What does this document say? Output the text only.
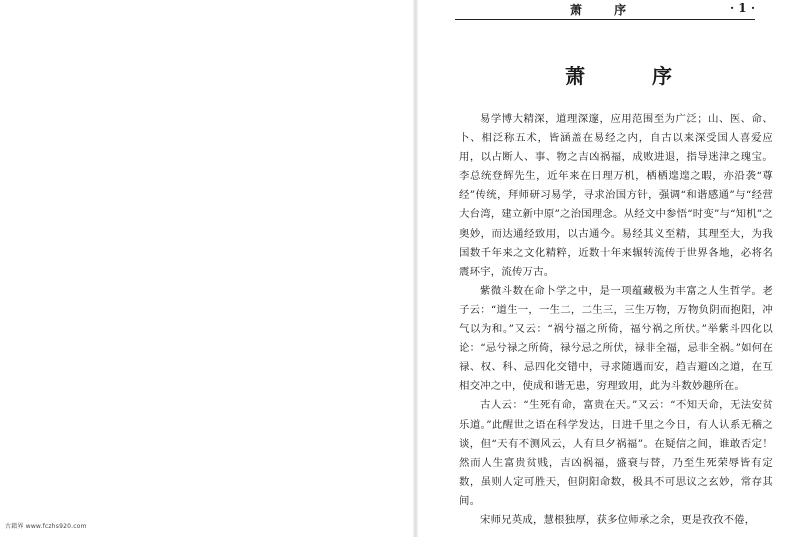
古籍界 www.fczhs920.com
萧 序	· 1 ·
萧 序

易学博大精深，道理深邃，应用范围至为广泛；山、医、命、卜、相泛称五术，皆涵盖在易经之内，自古以来深受国人喜爱应用，以占断人、事、物之吉凶祸福，成败进退，指导迷津之瑰宝。李总统登辉先生，近年来在日理万机，栖栖遑遑之暇，亦沿袭“尊经”传统，拜师研习易学，寻求治国方针，强调“和谐感通”与“经营大台湾，建立新中原”之治国理念。从经文中参悟“时变”与“知机”之奥妙，而达通经致用，以古通今。易经其义至精，其理至大，为我国数千年来之文化精粹，近数十年来辗转流传于世界各地，必将名震环宇，流传万古。

紫微斗数在命卜学之中，是一项蕴藏极为丰富之人生哲学。老子云：“道生一，一生二，二生三，三生万物，万物负阴而抱阳，冲气以为和。”又云：“祸兮福之所倚，福兮祸之所伏。”举紫斗四化以论：“忌兮禄之所倚，禄兮忌之所伏，禄非全福，忌非全祸。”如何在禄、权、科、忌四化交错中，寻求随遇而安，趋吉避凶之道，在互相交冲之中，使成和谐无患，穷理致用，此为斗数妙趣所在。

古人云：“生死有命，富贵在天。”又云：“不知天命，无法安贫乐道。”此醒世之语在科学发达，日进千里之今日，有人认系无稽之谈，但“天有不测风云，人有旦夕祸福”。在疑信之间，谁敢否定！然而人生富贵贫贱，吉凶祸福，盛衰与替，乃至生死荣辱皆有定数，虽则人定可胜天，但阴阳命数，极具不可思议之玄妙，常存其间。

宋师兄英成，慧根独厚，获多位师承之余，更是孜孜不倦，
